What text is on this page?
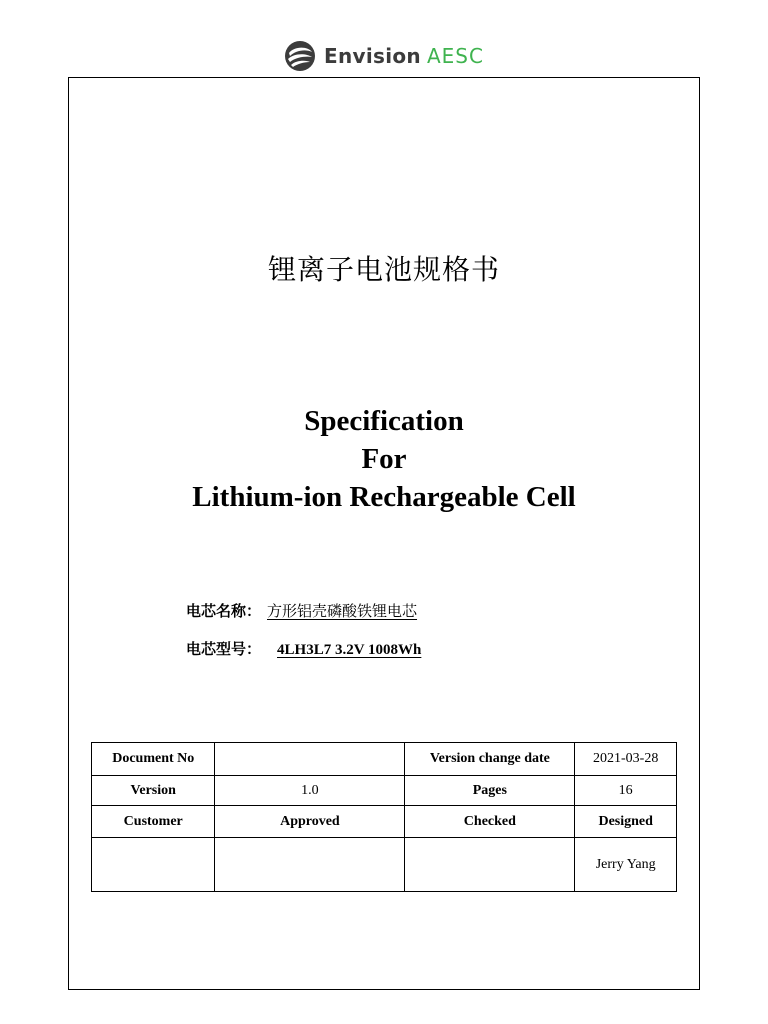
Envision AESC
锂离子电池规格书
Specification
For
Lithium-ion Rechargeable Cell
电芯名称： 方形铝壳磷酸铁锂电芯
电芯型号：	4LH3L7 3.2V 1008Wh
Document No		Version change date	2021-03-28
Version	1.0	Pages	16
Customer	Approved	Checked	Designed
			Jerry Yang
